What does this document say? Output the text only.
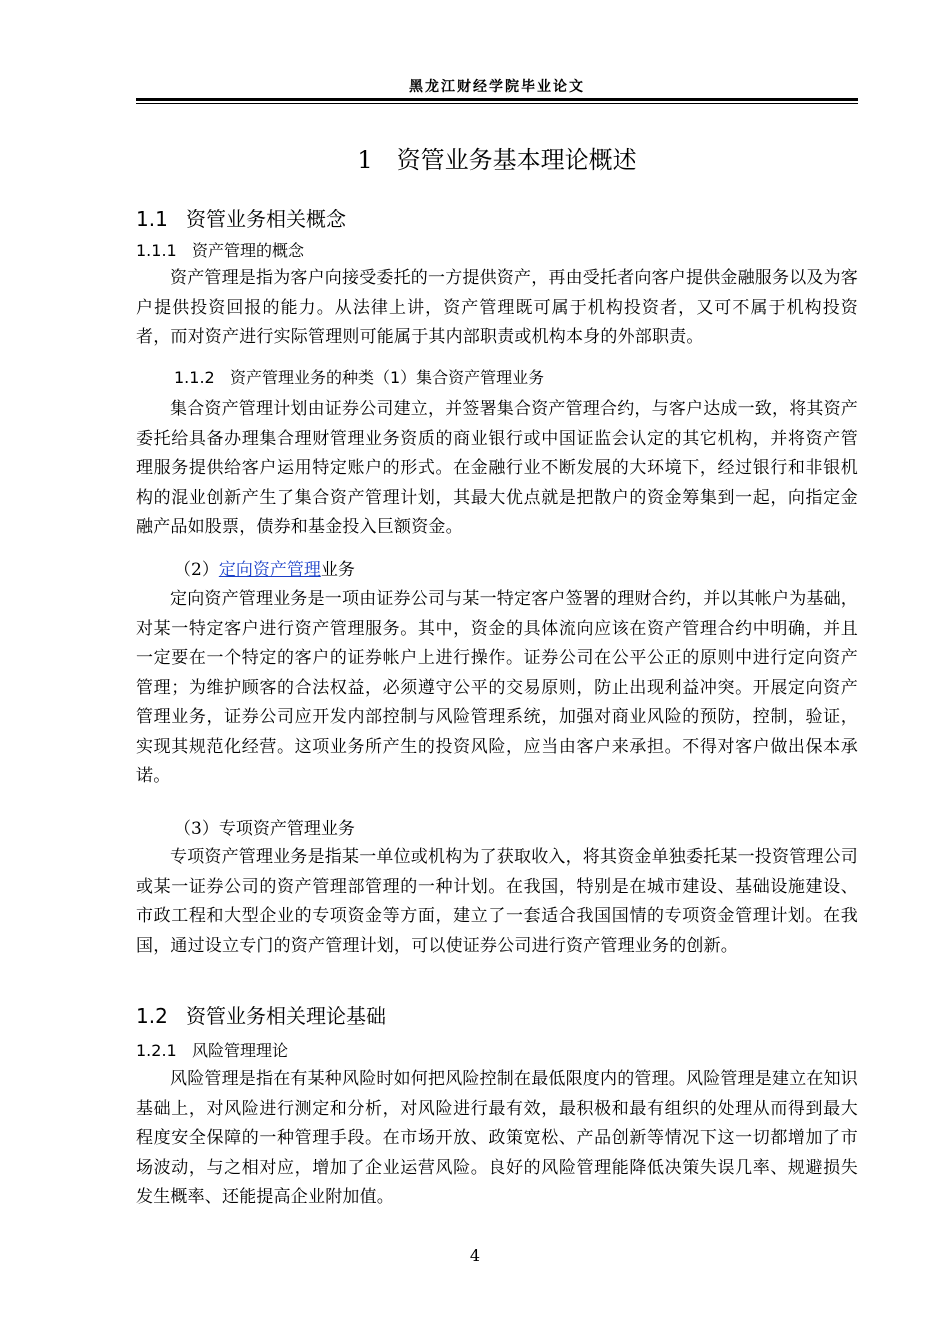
黑龙江财经学院毕业论文
1 资管业务基本理论概述
1.1 资管业务相关概念
1.1.1 资产管理的概念
资产管理是指为客户向接受委托的一方提供资产，再由受托者向客户提供金融服务以及为客户提供投资回报的能力。从法律上讲，资产管理既可属于机构投资者，又可不属于机构投资者，而对资产进行实际管理则可能属于其内部职责或机构本身的外部职责。
1.1.2 资产管理业务的种类（1）集合资产管理业务
集合资产管理计划由证券公司建立，并签署集合资产管理合约，与客户达成一致，将其资产委托给具备办理集合理财管理业务资质的商业银行或中国证监会认定的其它机构，并将资产管理服务提供给客户运用特定账户的形式。在金融行业不断发展的大环境下，经过银行和非银机构的混业创新产生了集合资产管理计划，其最大优点就是把散户的资金筹集到一起，向指定金融产品如股票，债券和基金投入巨额资金。
（2）定向资产管理业务
定向资产管理业务是一项由证券公司与某一特定客户签署的理财合约，并以其帐户为基础，对某一特定客户进行资产管理服务。其中，资金的具体流向应该在资产管理合约中明确，并且一定要在一个特定的客户的证券帐户上进行操作。证券公司在公平公正的原则中进行定向资产管理；为维护顾客的合法权益，必须遵守公平的交易原则，防止出现利益冲突。开展定向资产管理业务，证券公司应开发内部控制与风险管理系统，加强对商业风险的预防，控制，验证，实现其规范化经营。这项业务所产生的投资风险，应当由客户来承担。不得对客户做出保本承诺。
（3）专项资产管理业务
专项资产管理业务是指某一单位或机构为了获取收入，将其资金单独委托某一投资管理公司或某一证券公司的资产管理部管理的一种计划。在我国，特别是在城市建设、基础设施建设、市政工程和大型企业的专项资金等方面，建立了一套适合我国国情的专项资金管理计划。在我国，通过设立专门的资产管理计划，可以使证券公司进行资产管理业务的创新。
1.2 资管业务相关理论基础
1.2.1 风险管理理论
风险管理是指在有某种风险时如何把风险控制在最低限度内的管理。风险管理是建立在知识基础上，对风险进行测定和分析，对风险进行最有效，最积极和最有组织的处理从而得到最大程度安全保障的一种管理手段。在市场开放、政策宽松、产品创新等情况下这一切都增加了市场波动，与之相对应，增加了企业运营风险。良好的风险管理能降低决策失误几率、规避损失发生概率、还能提高企业附加值。
4
